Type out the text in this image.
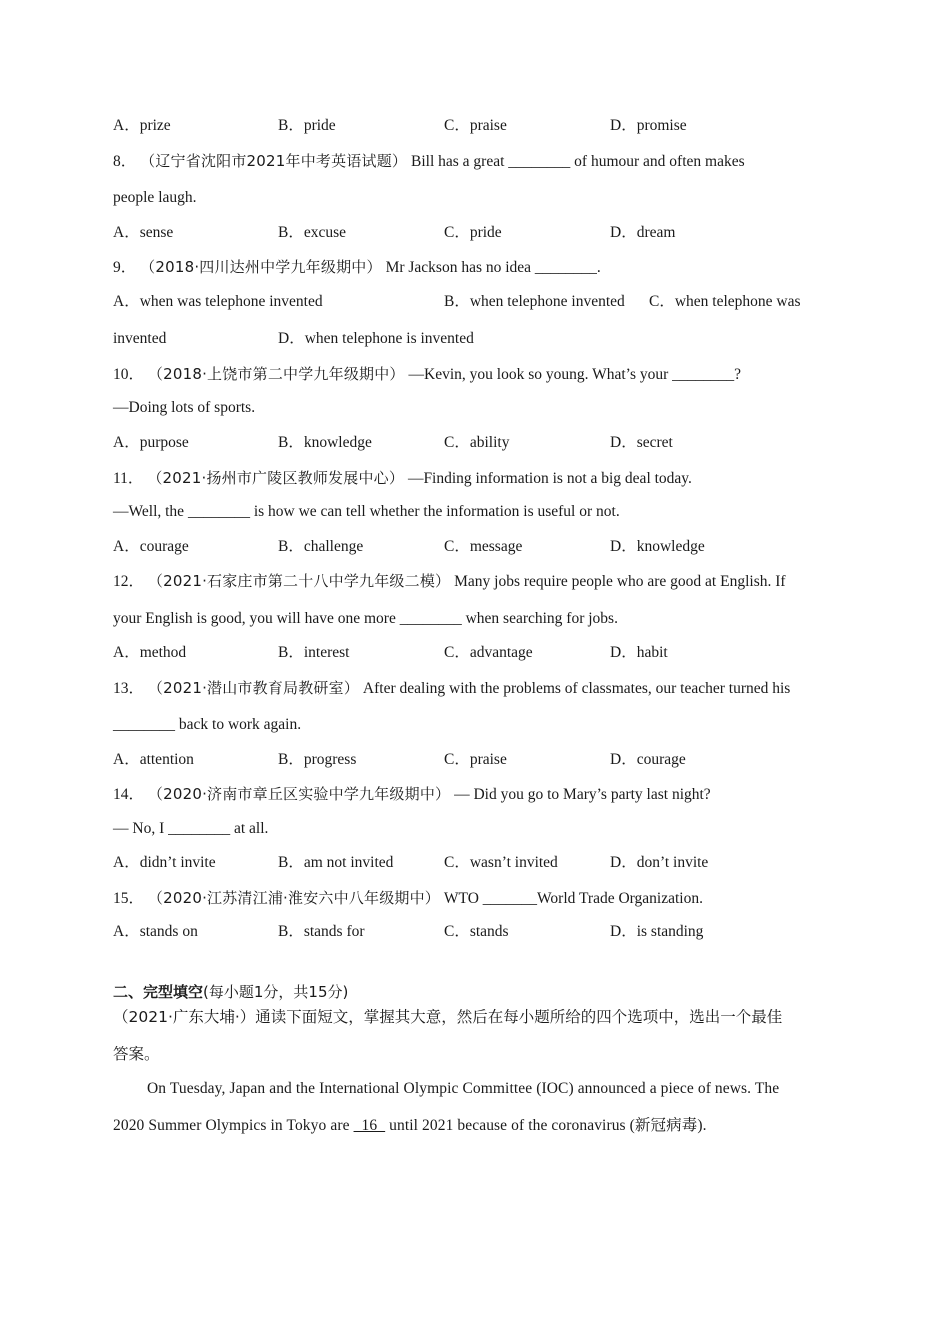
A．prize	B．pride	C．praise	D．promise
8． （辽宁省沈阳市2021年中考英语试题） Bill has a great ________ of humour and often makes
people laugh.
A．sense	B．excuse	C．pride	D．dream
9． （2018·四川达州中学九年级期中） Mr Jackson has no idea ________.
A．when was telephone invented	B．when telephone invented C．when telephone was
invented	D．when telephone is invented
10． （2018·上饶市第二中学九年级期中） —Kevin, you look so young. What’s your ________?
—Doing lots of sports.
A．purpose	B．knowledge	C．ability	D．secret
11． （2021·扬州市广陵区教师发展中心） —Finding information is not a big deal today.
—Well, the ________ is how we can tell whether the information is useful or not.
A．courage	B．challenge	C．message	D．knowledge
12． （2021·石家庄市第二十八中学九年级二模） Many jobs require people who are good at English. If
your English is good, you will have one more ________ when searching for jobs.
A．method	B．interest	C．advantage	D．habit
13． （2021·潜山市教育局教研室） After dealing with the problems of classmates, our teacher turned his
________ back to work again.
A．attention	B．progress	C．praise	D．courage
14． （2020·济南市章丘区实验中学九年级期中） — Did you go to Mary’s party last night?
— No, I ________ at all.
A．didn’t invite	B．am not invited	C．wasn’t invited	D．don’t invite
15． （2020·江苏清江浦·淮安六中八年级期中） WTO _______World Trade Organization.
A．stands on	B．stands for	C．stands	D．is standing
二、完型填空(每小题1分，共15分)
（2021·广东大埔·）通读下面短文，掌握其大意，然后在每小题所给的四个选项中，选出一个最佳
答案。
On Tuesday, Japan and the International Olympic Committee (IOC) announced a piece of news. The
2020 Summer Olympics in Tokyo are   16   until 2021 because of the coronavirus (新冠病毒).
